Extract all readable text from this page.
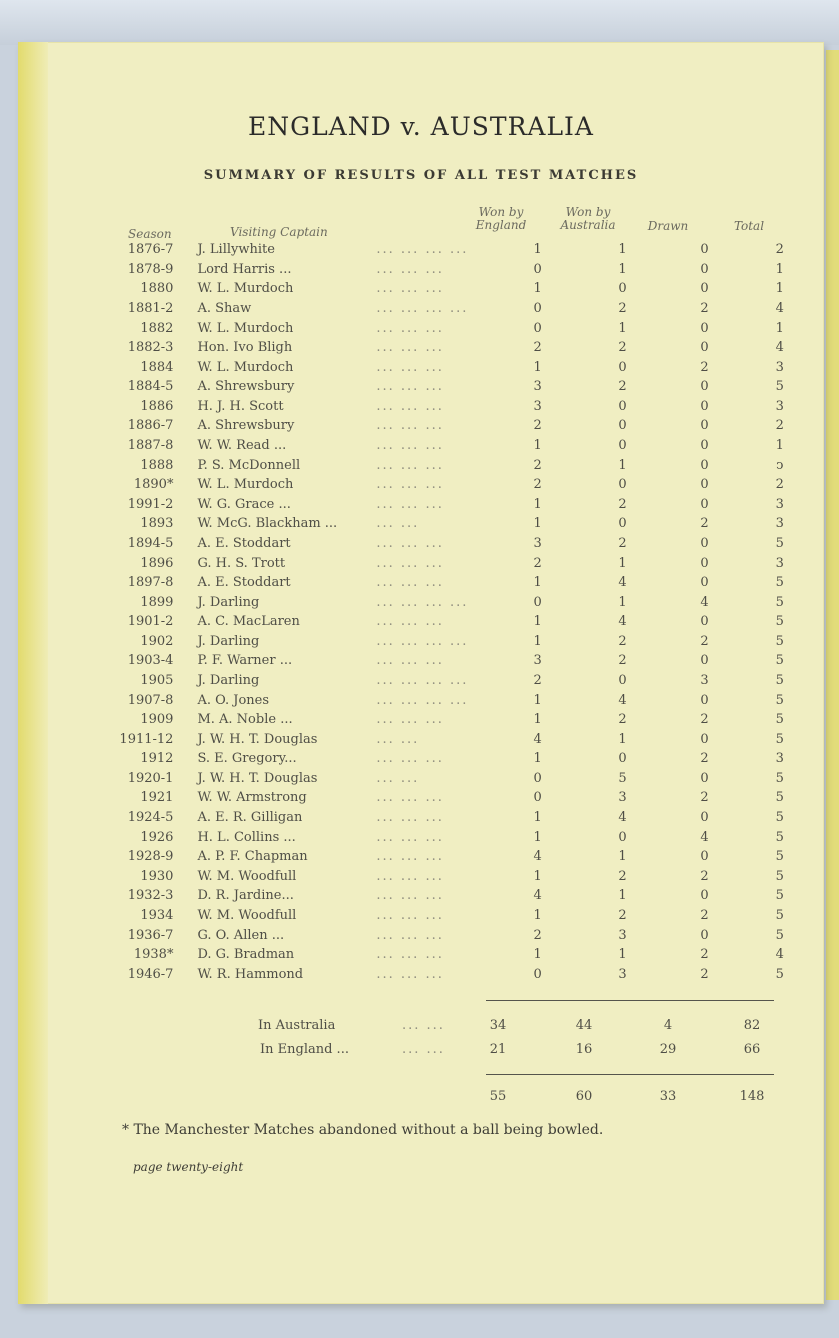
ENGLAND v. AUSTRALIA
SUMMARY OF RESULTS OF ALL TEST MATCHES
Season	Visiting Captain
Won by England
Won by Australia	Drawn	Total
1876-7	J. Lillywhite	... ... ... ...	1	1	0	2
1878-9	Lord Harris ...	... ... ...	0	1	0	1
1880	W. L. Murdoch	... ... ...	1	0	0	1
1881-2	A. Shaw	... ... ... ...	0	2	2	4
1882	W. L. Murdoch	... ... ...	0	1	0	1
1882-3	Hon. Ivo Bligh	... ... ...	2	2	0	4
1884	W. L. Murdoch	... ... ...	1	0	2	3
1884-5	A. Shrewsbury	... ... ...	3	2	0	5
1886	H. J. H. Scott	... ... ...	3	0	0	3
1886-7	A. Shrewsbury	... ... ...	2	0	0	2
1887-8	W. W. Read ...	... ... ...	1	0	0	1
1888	P. S. McDonnell	... ... ...	2	1	0	ↄ
1890*	W. L. Murdoch	... ... ...	2	0	0	2
1991-2	W. G. Grace ...	... ... ...	1	2	0	3
1893	W. McG. Blackham ...	... ...	1	0	2	3
1894-5	A. E. Stoddart	... ... ...	3	2	0	5
1896	G. H. S. Trott	... ... ...	2	1	0	3
1897-8	A. E. Stoddart	... ... ...	1	4	0	5
1899	J. Darling	... ... ... ...	0	1	4	5
1901-2	A. C. MacLaren	... ... ...	1	4	0	5
1902	J. Darling	... ... ... ...	1	2	2	5
1903-4	P. F. Warner ...	... ... ...	3	2	0	5
1905	J. Darling	... ... ... ...	2	0	3	5
1907-8	A. O. Jones	... ... ... ...	1	4	0	5
1909	M. A. Noble ...	... ... ...	1	2	2	5
1911-12	J. W. H. T. Douglas	... ...	4	1	0	5
1912	S. E. Gregory...	... ... ...	1	0	2	3
1920-1	J. W. H. T. Douglas	... ...	0	5	0	5
1921	W. W. Armstrong	... ... ...	0	3	2	5
1924-5	A. E. R. Gilligan	... ... ...	1	4	0	5
1926	H. L. Collins ...	... ... ...	1	0	4	5
1928-9	A. P. F. Chapman	... ... ...	4	1	0	5
1930	W. M. Woodfull	... ... ...	1	2	2	5
1932-3	D. R. Jardine...	... ... ...	4	1	0	5
1934	W. M. Woodfull	... ... ...	1	2	2	5
1936-7	G. O. Allen ...	... ... ...	2	3	0	5
1938*	D. G. Bradman	... ... ...	1	1	2	4
1946-7	W. R. Hammond	... ... ...	0	3	2	5
In Australia	... ...	34	44	4	82
In England ...	... ...	21	16	29	66
55	60	33	148
* The Manchester Matches abandoned without a ball being bowled.
page twenty-eight
